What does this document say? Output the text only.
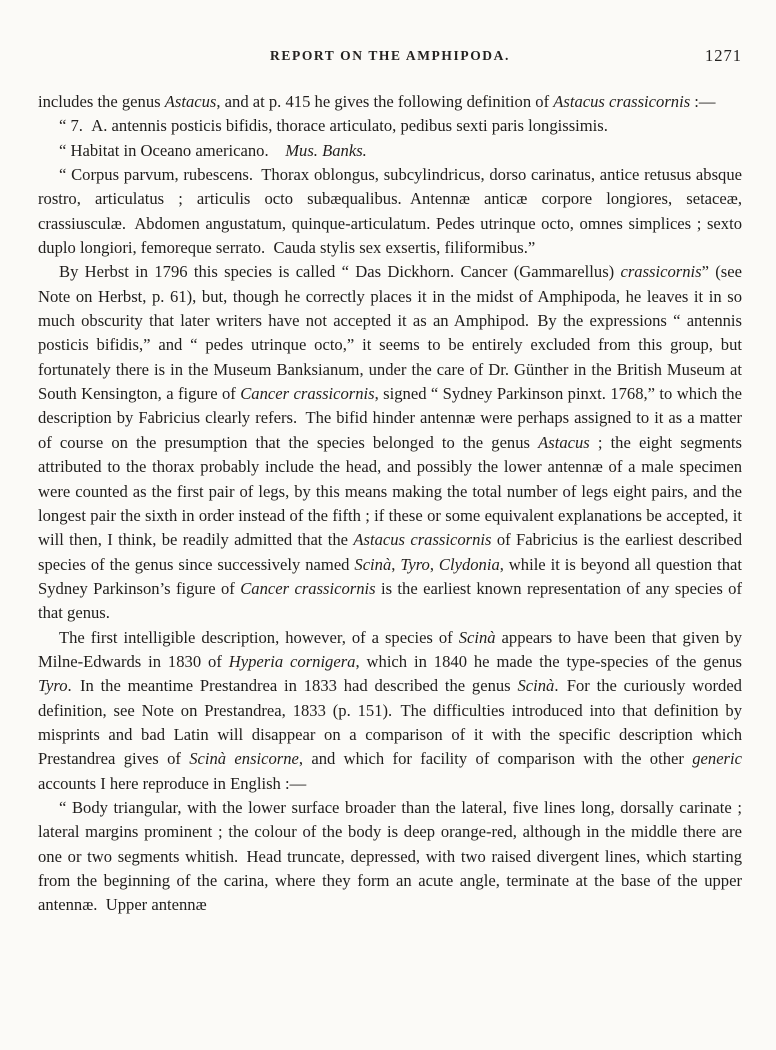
REPORT ON THE AMPHIPODA.	1271

includes the genus Astacus, and at p. 415 he gives the following definition of Astacus crassicornis :—

“ 7. A. antennis posticis bifidis, thorace articulato, pedibus sexti paris longissimis.

“ Habitat in Oceano americano. Mus. Banks.

“ Corpus parvum, rubescens. Thorax oblongus, subcylindricus, dorso carinatus, antice retusus absque rostro, articulatus ; articulis octo subæqualibus. Antennæ anticæ corpore longiores, setaceæ, crassiusculæ. Abdomen angustatum, quinque-articulatum. Pedes utrinque octo, omnes simplices ; sexto duplo longiori, femoreque serrato. Cauda stylis sex exsertis, filiformibus.”

By Herbst in 1796 this species is called “ Das Dickhorn. Cancer (Gammarellus) crassicornis” (see Note on Herbst, p. 61), but, though he correctly places it in the midst of Amphipoda, he leaves it in so much obscurity that later writers have not accepted it as an Amphipod. By the expressions “ antennis posticis bifidis,” and “ pedes utrinque octo,” it seems to be entirely excluded from this group, but fortunately there is in the Museum Banksianum, under the care of Dr. Günther in the British Museum at South Kensington, a figure of Cancer crassicornis, signed “ Sydney Parkinson pinxt. 1768,” to which the description by Fabricius clearly refers. The bifid hinder antennæ were perhaps assigned to it as a matter of course on the presumption that the species belonged to the genus Astacus ; the eight segments attributed to the thorax probably include the head, and possibly the lower antennæ of a male specimen were counted as the first pair of legs, by this means making the total number of legs eight pairs, and the longest pair the sixth in order instead of the fifth ; if these or some equivalent explanations be accepted, it will then, I think, be readily admitted that the Astacus crassicornis of Fabricius is the earliest described species of the genus since successively named Scinà, Tyro, Clydonia, while it is beyond all question that Sydney Parkinson’s figure of Cancer crassicornis is the earliest known representation of any species of that genus.

The first intelligible description, however, of a species of Scinà appears to have been that given by Milne-Edwards in 1830 of Hyperia cornigera, which in 1840 he made the type-species of the genus Tyro. In the meantime Prestandrea in 1833 had described the genus Scinà. For the curiously worded definition, see Note on Prestandrea, 1833 (p. 151). The difficulties introduced into that definition by misprints and bad Latin will disappear on a comparison of it with the specific description which Prestandrea gives of Scinà ensicorne, and which for facility of comparison with the other generic accounts I here reproduce in English :—

“ Body triangular, with the lower surface broader than the lateral, five lines long, dorsally carinate ; lateral margins prominent ; the colour of the body is deep orange-red, although in the middle there are one or two segments whitish. Head truncate, depressed, with two raised divergent lines, which starting from the beginning of the carina, where they form an acute angle, terminate at the base of the upper antennæ. Upper antennæ
